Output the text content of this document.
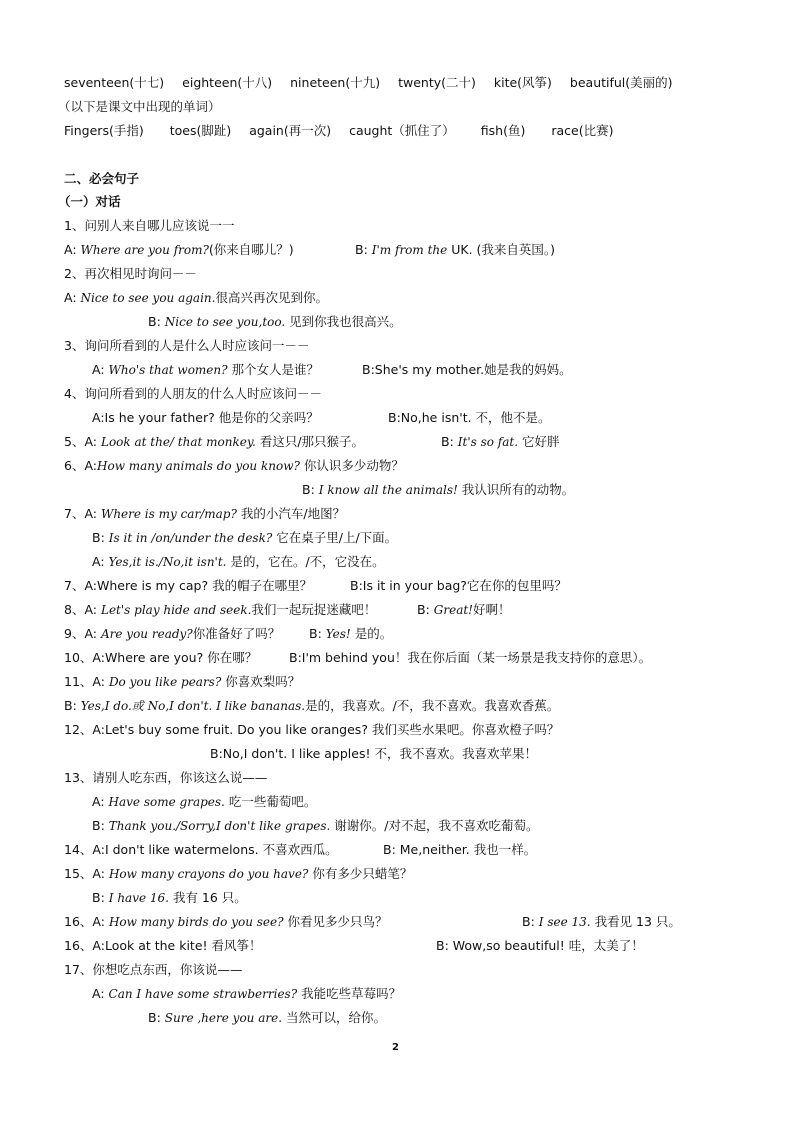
seventeen(十七) eighteen(十八) nineteen(十九) twenty(二十) kite(风筝) beautiful(美丽的)
（以下是课文中出现的单词）
Fingers(手指) toes(脚趾) again(再一次) caught（抓住了） fish(鱼) race(比赛)
二、必会句子
（一）对话
1、问别人来自哪儿应该说一一
A: Where are you from?(你来自哪儿？)	B: I'm from the UK. (我来自英国。)
2、再次相见时询问－－
A: Nice to see you again.很高兴再次见到你。
B: Nice to see you,too. 见到你我也很高兴。
3、询问所看到的人是什么人时应该问一－－
A: Who's that women? 那个女人是谁？	B:She's my mother.她是我的妈妈。
4、询问所看到的人朋友的什么人时应该问－－
A:Is he your father? 他是你的父亲吗？	B:No,he isn't. 不，他不是。
5、A: Look at the/ that monkey. 看这只/那只猴子。	B: It's so fat. 它好胖
6、A:How many animals do you know? 你认识多少动物？
B: I know all the animals! 我认识所有的动物。
7、A: Where is my car/map? 我的小汽车/地图？
B: Is it in /on/under the desk? 它在桌子里/上/下面。
A: Yes,it is./No,it isn't. 是的，它在。/不，它没在。
7、A:Where is my cap? 我的帽子在哪里？	B:Is it in your bag?它在你的包里吗？
8、A: Let's play hide and seek.我们一起玩捉迷藏吧！	B: Great!好啊！
9、A: Are you ready?你准备好了吗？ B: Yes! 是的。
10、A:Where are you? 你在哪？	B:I'm behind you！我在你后面（某一场景是我支持你的意思）。
11、A: Do you like pears? 你喜欢梨吗？
B: Yes,I do.或 No,I don't. I like bananas.是的，我喜欢。/不，我不喜欢。我喜欢香蕉。
12、A:Let's buy some fruit. Do you like oranges? 我们买些水果吧。你喜欢橙子吗？
B:No,I don't. I like apples! 不，我不喜欢。我喜欢苹果！
13、请别人吃东西，你该这么说——
A: Have some grapes. 吃一些葡萄吧。
B: Thank you./Sorry,I don't like grapes. 谢谢你。/对不起，我不喜欢吃葡萄。
14、A:I don't like watermelons. 不喜欢西瓜。	B: Me,neither. 我也一样。
15、A: How many crayons do you have? 你有多少只蜡笔？
B: I have 16. 我有 16 只。
16、A: How many birds do you see? 你看见多少只鸟？	B: I see 13. 我看见 13 只。
16、A:Look at the kite! 看风筝！	B: Wow,so beautiful! 哇，太美了！
17、你想吃点东西，你该说——
A: Can I have some strawberries? 我能吃些草莓吗？
B: Sure ,here you are. 当然可以，给你。
2
